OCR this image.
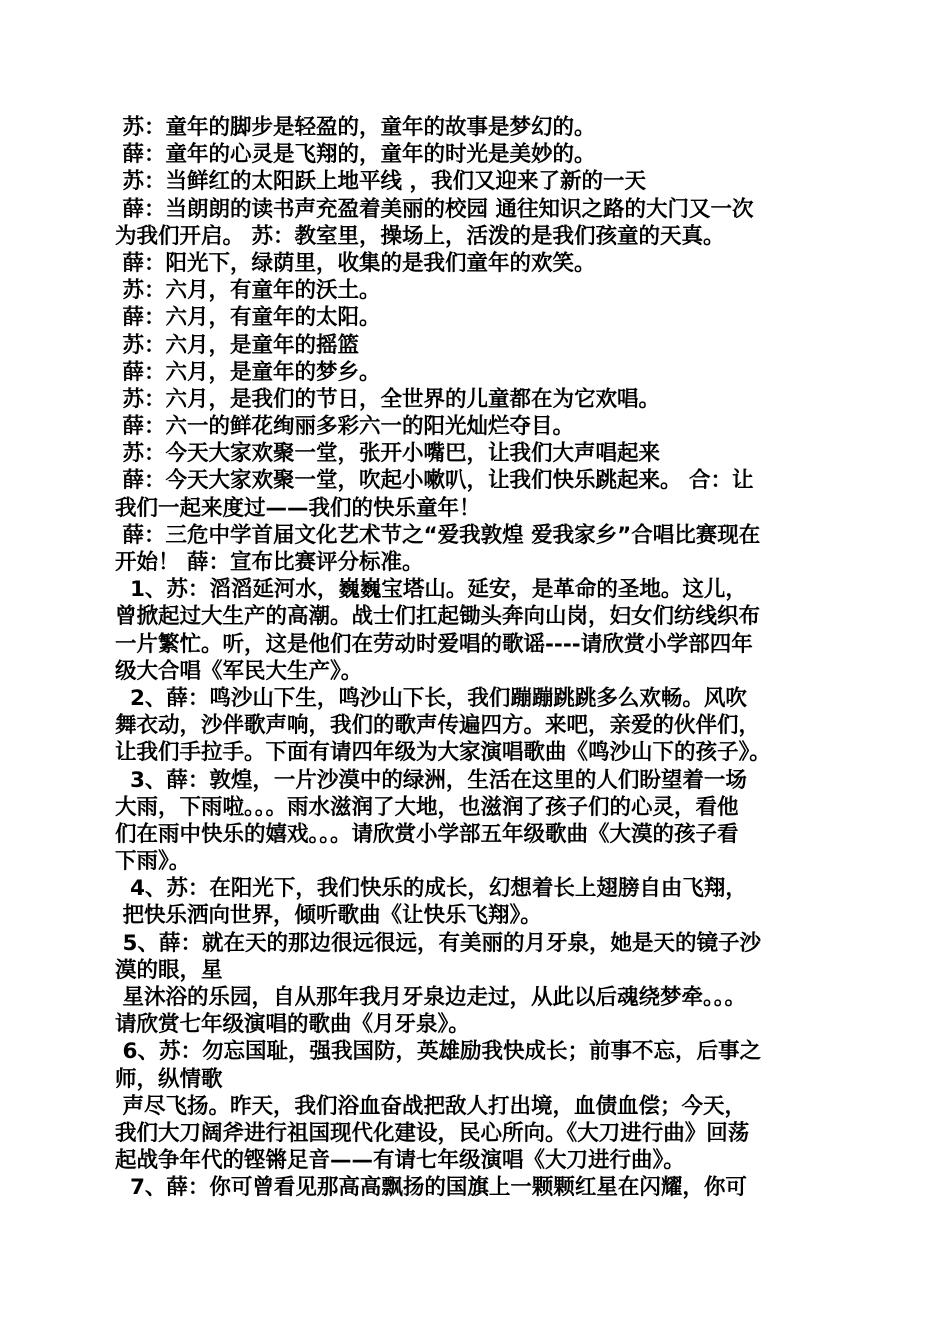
苏：童年的脚步是轻盈的，童年的故事是梦幻的。
薛：童年的心灵是飞翔的，童年的时光是美妙的。
苏：当鲜红的太阳跃上地平线 ，我们又迎来了新的一天
薛：当朗朗的读书声充盈着美丽的校园 通往知识之路的大门又一次
为我们开启。 苏：教室里，操场上，活泼的是我们孩童的天真。
薛：阳光下，绿荫里，收集的是我们童年的欢笑。
苏：六月，有童年的沃土。
薛：六月，有童年的太阳。
苏：六月，是童年的摇篮
薛：六月，是童年的梦乡。
苏：六月，是我们的节日，全世界的儿童都在为它欢唱。
薛：六一的鲜花绚丽多彩六一的阳光灿烂夺目。
苏：今天大家欢聚一堂，张开小嘴巴，让我们大声唱起来
薛：今天大家欢聚一堂，吹起小嗽叭，让我们快乐跳起来。 合：让
我们一起来度过——我们的快乐童年！
薛：三危中学首届文化艺术节之“爱我敦煌 爱我家乡”合唱比赛现在
开始！ 薛：宣布比赛评分标准。
1、苏：滔滔延河水，巍巍宝塔山。延安，是革命的圣地。这儿，
曾掀起过大生产的高潮。战士们扛起锄头奔向山岗，妇女们纺线织布
一片繁忙。听，这是他们在劳动时爱唱的歌谣----请欣赏小学部四年
级大合唱《军民大生产》。
2、薛：鸣沙山下生，鸣沙山下长，我们蹦蹦跳跳多么欢畅。风吹
舞衣动，沙伴歌声响，我们的歌声传遍四方。来吧，亲爱的伙伴们，
让我们手拉手。下面有请四年级为大家演唱歌曲《鸣沙山下的孩子》。
3、薛：敦煌，一片沙漠中的绿洲，生活在这里的人们盼望着一场
大雨，下雨啦。。。雨水滋润了大地，也滋润了孩子们的心灵，看他
们在雨中快乐的嬉戏。。。请欣赏小学部五年级歌曲《大漠的孩子看
下雨》。
4、苏：在阳光下，我们快乐的成长，幻想着长上翅膀自由飞翔，
把快乐洒向世界，倾听歌曲《让快乐飞翔》。
5、薛：就在天的那边很远很远，有美丽的月牙泉，她是天的镜子沙
漠的眼，星
星沐浴的乐园，自从那年我月牙泉边走过，从此以后魂绕梦牵。。。
请欣赏七年级演唱的歌曲《月牙泉》。
6、苏：勿忘国耻，强我国防，英雄励我快成长；前事不忘，后事之
师，纵情歌
声尽飞扬。昨天，我们浴血奋战把敌人打出境，血债血偿；今天，
我们大刀阔斧进行祖国现代化建设，民心所向。《大刀进行曲》回荡
起战争年代的铿锵足音——有请七年级演唱《大刀进行曲》。
7、薛：你可曾看见那高高飘扬的国旗上一颗颗红星在闪耀，你可
